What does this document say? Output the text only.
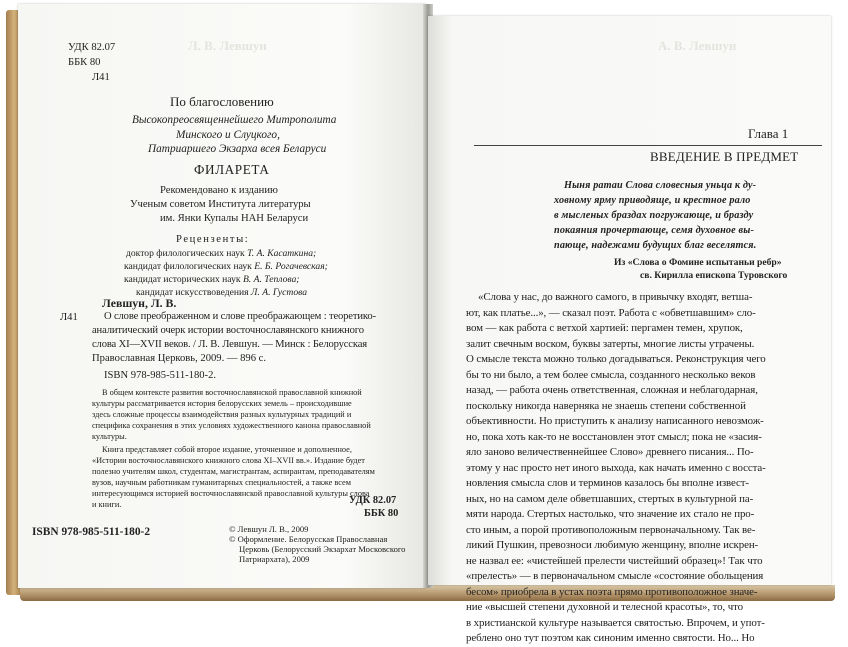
Л. В. Левшун
УДК 82.07
ББК 80
Л41
По благословению
Высокопреосвященнейшего Митрополита
Минского и Слуцкого,
Патриаршего Экзарха всея Беларуси
ФИЛАРЕТА
Рекомендовано к изданию
Ученым советом Института литературы
им. Янки Купалы НАН Беларуси
Рецензенты:
доктор филологических наук Т. А. Касаткина;
кандидат филологических наук Е. Б. Рогачевская;
кандидат исторических наук В. А. Теплова;
кандидат искусствоведения Л. А. Густова
Левшун, Л. В.
Л41 О слове преображенном и слове преображающем : теоретико-
аналитический очерк истории восточнославянского книжного
слова XI—XVII веков. / Л. В. Левшун. — Минск : Белорусская
Православная Церковь, 2009. — 896 с.
ISBN 978-985-511-180-2.
В общем контексте развития восточнославянской православной книжной
культуры рассматривается история белорусских земель – происходившие
здесь сложные процессы взаимодействия разных культурных традиций и
специфика сохранения в этих условиях художественного канона православной
культуры.
Книга представляет собой второе издание, уточненное и дополненное,
«Истории восточнославянского книжного слова XI–XVII вв.». Издание будет
полезно учителям школ, студентам, магистрантам, аспирантам, преподавателям
вузов, научным работникам гуманитарных специальностей, а также всем
интересующимся историей восточнославянской православной культуры слова
и книги.	УДК 82.07
ББК 80
ISBN 978-985-511-180-2	© Левшун Л. В., 2009
© Оформление. Белорусская Православная
Церковь (Белорусский Экзархат Московского
Патриархата), 2009
А. В. Левшун
Глава 1
ВВЕДЕНИЕ В ПРЕДМЕТ
Ныня ратаи Слова словесныя уньца к ду-
ховному ярму приводяще, и крестное рало
в мысленых браздах погружающе, и бразду
покаяния прочертающе, семя духовное вы-
пающе, надежами будущих благ веселятся.
Из «Слова о Фомине испытаньи ребр»
св. Кирилла епископа Туровского
«Слова у нас, до важного самого, в привычку входят, ветша-
ют, как платье...», — сказал поэт. Работа с «обветшавшим» сло-
вом — как работа с ветхой хартией: пергамен темен, хрупок,
залит свечным воском, буквы затерты, многие листы утрачены.
О смысле текста можно только догадываться. Реконструкция чего
бы то ни было, а тем более смысла, созданного несколько веков
назад, — работа очень ответственная, сложная и неблагодарная,
поскольку никогда наверняка не знаешь степени собственной
объективности. Но приступить к анализу написанного невозмож-
но, пока хоть как-то не восстановлен этот смысл; пока не «засия-
яло заново величественнейшее Слово» древнего писания... По-
этому у нас просто нет иного выхода, как начать именно с восста-
новления смысла слов и терминов казалось бы вполне извест-
ных, но на самом деле обветшавших, стертых в культурной па-
мяти народа. Стертых настолько, что значение их стало не про-
сто иным, а порой противоположным первоначальному. Так ве-
ликий Пушкин, превозноси любимую женщину, вполне искрен-
не назвал ее: «чистейшей прелести чистейший образец»! Так что
«прелесть» — в первоначальном смысле «состояние обольщения
бесом» приобрела в устах поэта прямо противоположное значе-
ние «высшей степени духовной и телесной красоты», то, что
в христианской культуре называется святостью. Впрочем, и упот-
реблено оно тут поэтом как синоним именно святости. Но... Но
